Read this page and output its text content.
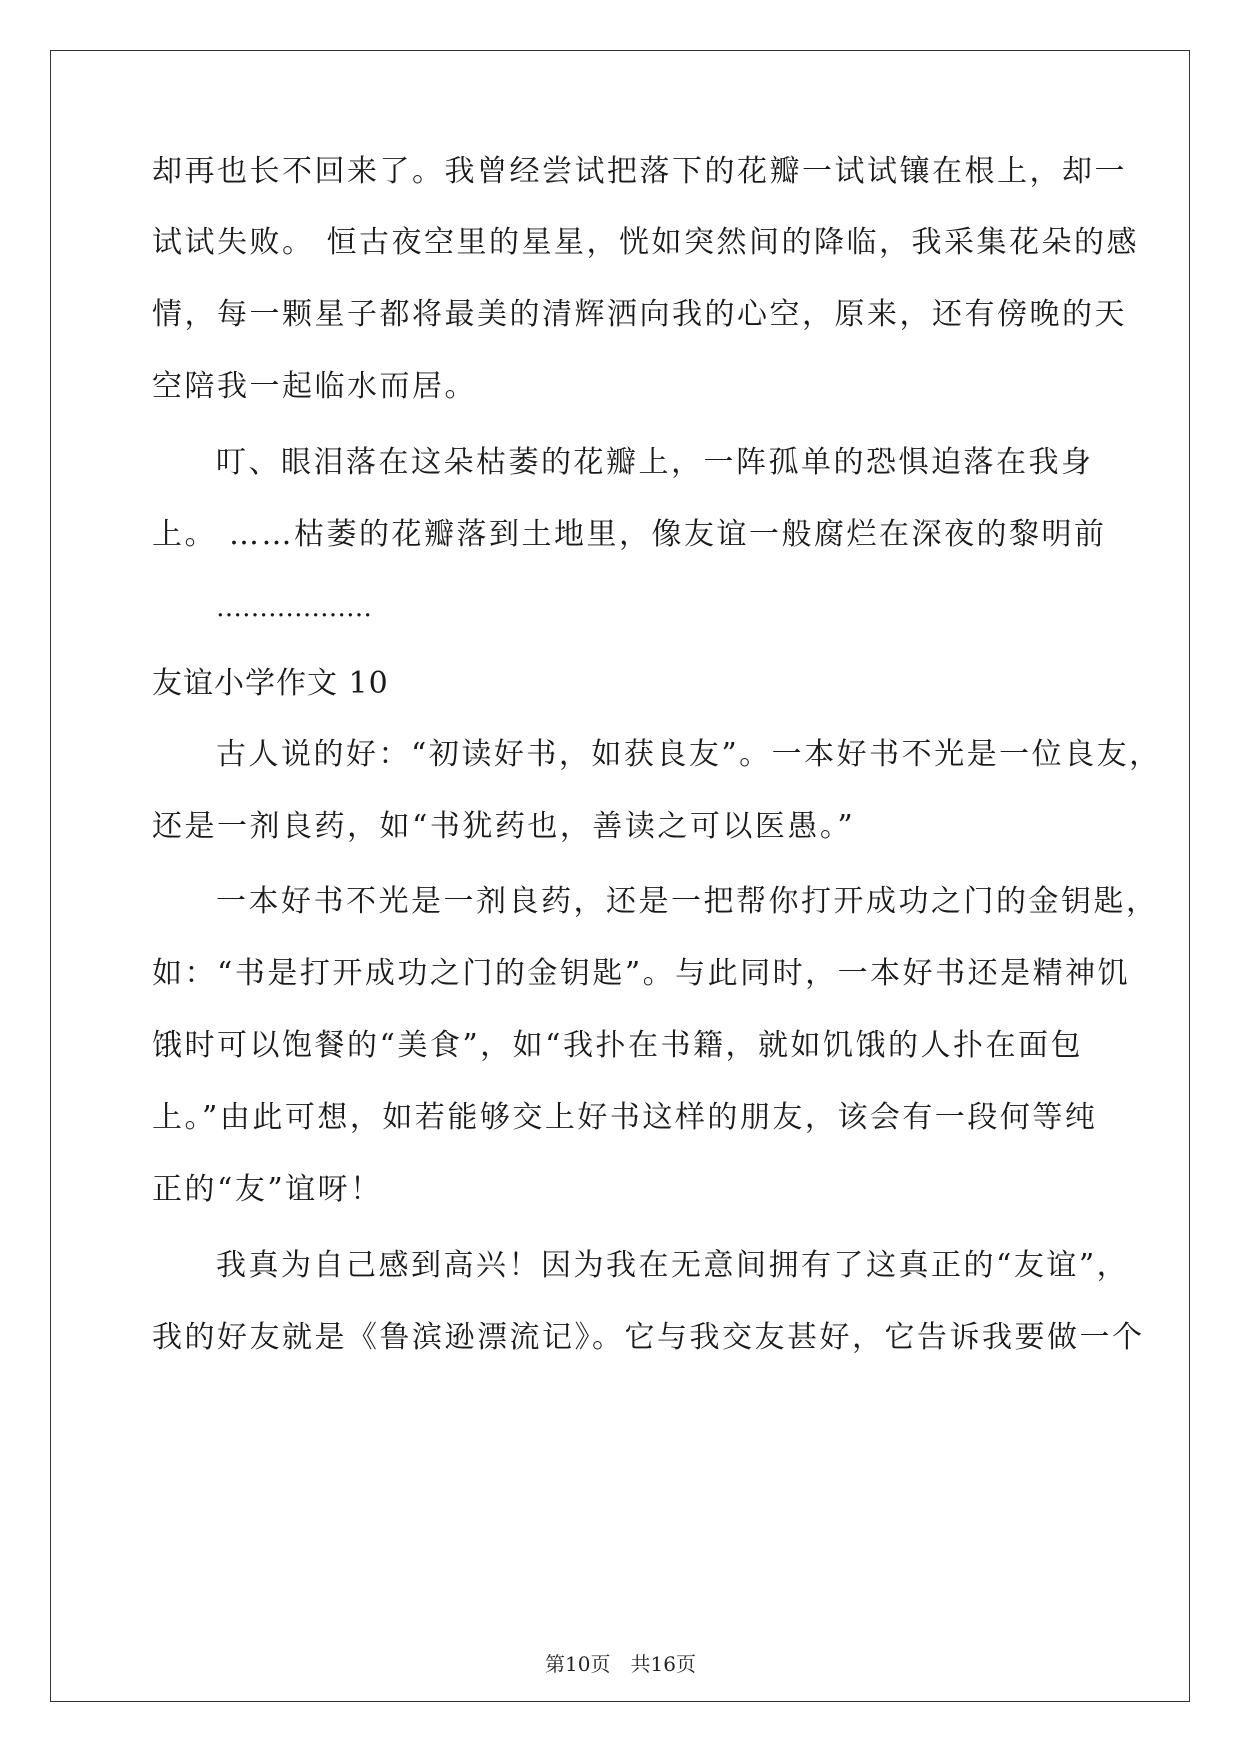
却再也长不回来了。我曾经尝试把落下的花瓣一试试镶在根上，却一
试试失败。 恒古夜空里的星星，恍如突然间的降临，我采集花朵的感
情，每一颗星子都将最美的清辉洒向我的心空，原来，还有傍晚的天
空陪我一起临水而居。
叮、眼泪落在这朵枯萎的花瓣上，一阵孤单的恐惧迫落在我身
上。 ……枯萎的花瓣落到土地里，像友谊一般腐烂在深夜的黎明前
………………
友谊小学作文 10
古人说的好：“初读好书，如获良友”。一本好书不光是一位良友，
还是一剂良药，如“书犹药也，善读之可以医愚。”
一本好书不光是一剂良药，还是一把帮你打开成功之门的金钥匙，
如：“书是打开成功之门的金钥匙”。与此同时，一本好书还是精神饥
饿时可以饱餐的“美食”，如“我扑在书籍，就如饥饿的人扑在面包
上。”由此可想，如若能够交上好书这样的朋友，该会有一段何等纯
正的“友”谊呀！
我真为自己感到高兴！因为我在无意间拥有了这真正的“友谊”，
我的好友就是《鲁滨逊漂流记》。它与我交友甚好，它告诉我要做一个
第10页　共16页
